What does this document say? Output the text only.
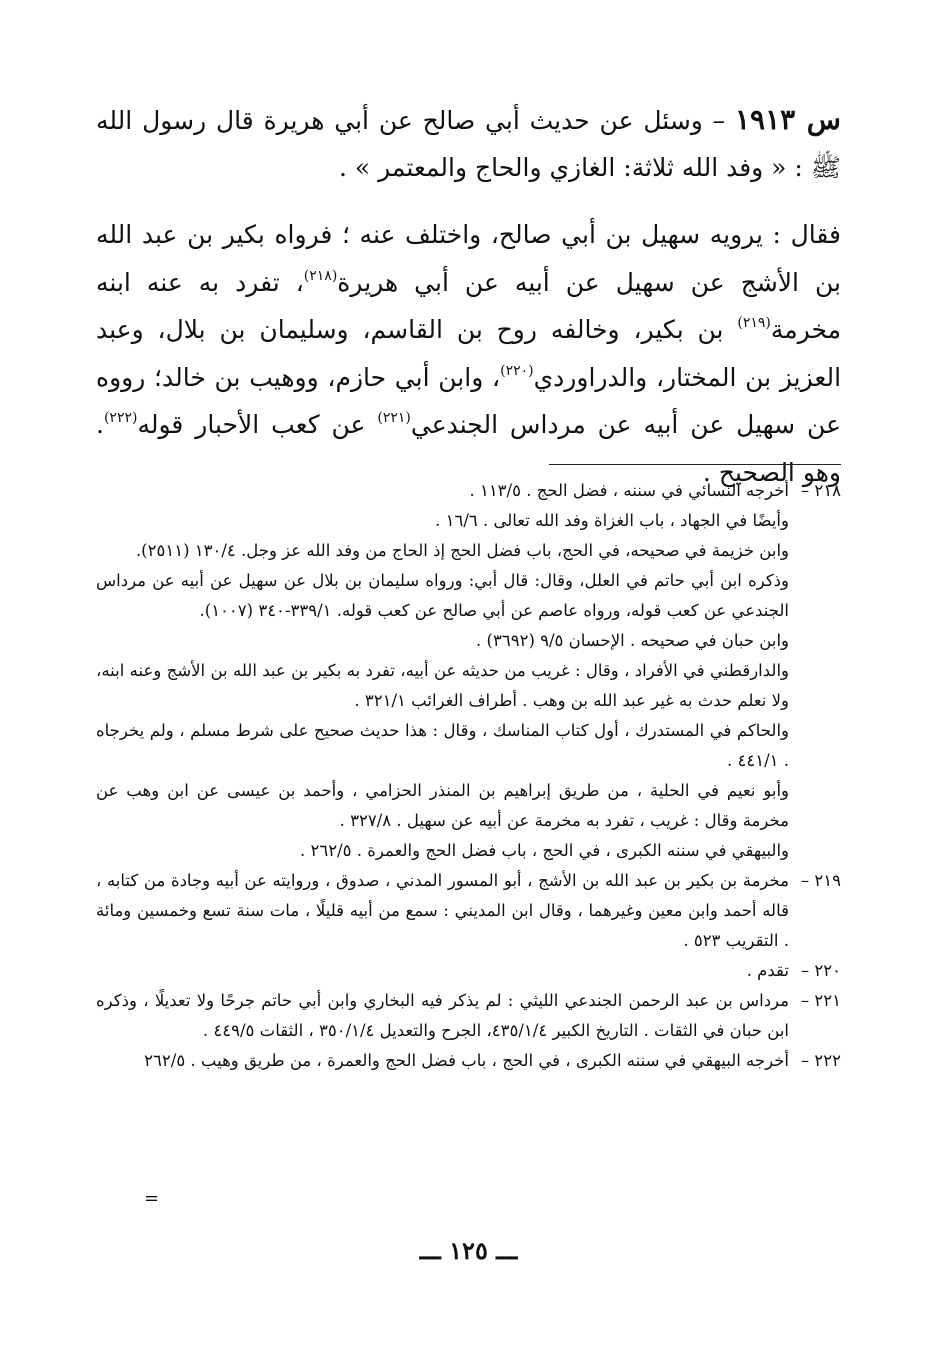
س ١٩١٣ – وسئل عن حديث أبي صالح عن أبي هريرة قال رسول الله ﷺ : « وفد الله ثلاثة: الغازي والحاج والمعتمر » .

فقال : يرويه سهيل بن أبي صالح، واختلف عنه ؛ فرواه بكير بن عبد الله بن الأشج عن سهيل عن أبيه عن أبي هريرة$^{(٢١٨)}$، تفرد به عنه ابنه مخرمة$^{(٢١٩)}$ بن بكير، وخالفه روح بن القاسم، وسليمان بن بلال، وعبد العزيز بن المختار، والدراوردي$^{(٢٢٠)}$، وابن أبي حازم، ووهيب بن خالد؛ رووه عن سهيل عن أبيه عن مرداس الجندعي$^{(٢٢١)}$ عن كعب الأحبار قوله$^{(٢٢٢)}$. وهو الصحيح .

٢١٨ –

أخرجه النسائي في سننه ، فضل الحج . ١١٣/٥ .

وأيضًا في الجهاد ، باب الغزاة وفد الله تعالى . ١٦/٦ .

وابن خزيمة في صحيحه، في الحج، باب فضل الحج إذ الحاج من وفد الله عز وجل. ١٣٠/٤ (٢٥١١).

وذكره ابن أبي حاتم في العلل، وقال: قال أبي: ورواه سليمان بن بلال عن سهيل عن أبيه عن مرداس الجندعي عن كعب قوله، ورواه عاصم عن أبي صالح عن كعب قوله. ٣٣٩/١-٣٤٠ (١٠٠٧).

وابن حبان في صحيحه . الإحسان ٩/٥ (٣٦٩٢) .

والدارقطني في الأفراد ، وقال : غريب من حديثه عن أبيه، تفرد به بكير بن عبد الله بن الأشج وعنه ابنه، ولا نعلم حدث به غير عبد الله بن وهب . أطراف الغرائب ٣٢١/١ .

والحاكم في المستدرك ، أول كتاب المناسك ، وقال : هذا حديث صحيح على شرط مسلم ، ولم يخرجاه . ٤٤١/١ .

وأبو نعيم في الحلية ، من طريق إبراهيم بن المنذر الحزامي ، وأحمد بن عيسى عن ابن وهب عن مخرمة وقال : غريب ، تفرد به مخرمة عن أبيه عن سهيل . ٣٢٧/٨ .

والبيهقي في سننه الكبرى ، في الحج ، باب فضل الحج والعمرة . ٢٦٢/٥ .

٢١٩ –

مخرمة بن بكير بن عبد الله بن الأشج ، أبو المسور المدني ، صدوق ، وروايته عن أبيه وجادة من كتابه ، قاله أحمد وابن معين وغيرهما ، وقال ابن المديني : سمع من أبيه قليلًا ، مات سنة تسع وخمسين ومائة . التقريب ٥٢٣ .

٢٢٠ –

تقدم .

٢٢١ –

مرداس بن عبد الرحمن الجندعي الليثي : لم يذكر فيه البخاري وابن أبي حاتم جرحًا ولا تعديلًا ، وذكره ابن حبان في الثقات . التاريخ الكبير ٤٣٥/١/٤، الجرح والتعديل ٣٥٠/١/٤ ، الثقات ٤٤٩/٥ .

٢٢٢ –

أخرجه البيهقي في سننه الكبرى ، في الحج ، باب فضل الحج والعمرة ، من طريق وهيب . ٢٦٢/٥

=
ـــ ١٢٥ ـــ
